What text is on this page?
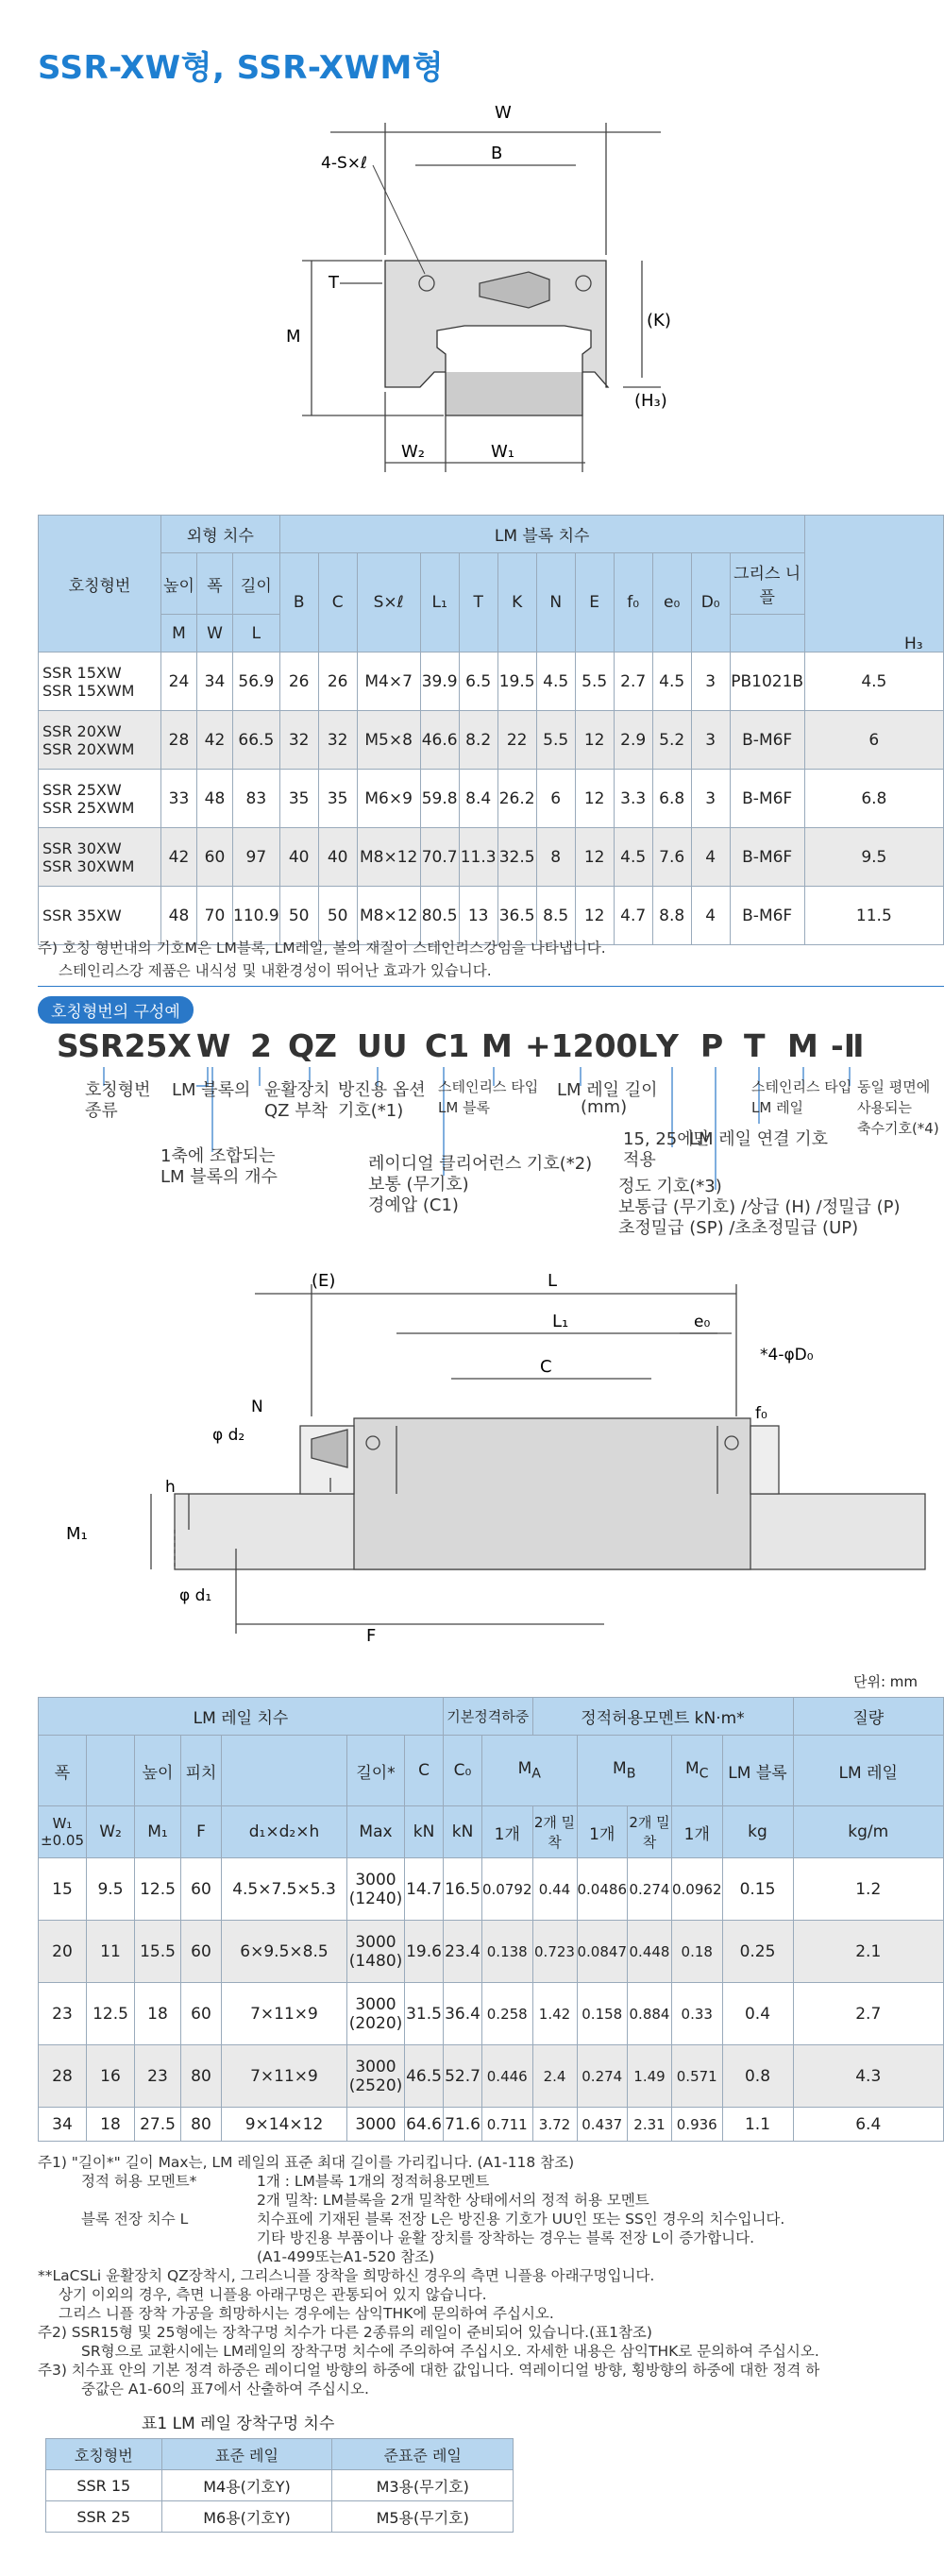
SSR-XW형, SSR-XWM형
W
B
4-S×ℓ
T
M
(K)
(H₃)
W₂	W₁
호칭형번	외형 치수			LM 블록 치수												
	높이	폭	길이	B	C	S×ℓ	L₁	T	K	N	E	f₀	e₀	D₀	그리스 니플	
	M	W	L													
SSR 15XW
SSR 15XWM	24	34	56.9	26	26	M4×7	39.9	6.5	19.5	4.5	5.5	2.7	4.5	3	PB1021B	4.5
SSR 20XW
SSR 20XWM	28	42	66.5	32	32	M5×8	46.6	8.2	22	5.5	12	2.9	5.2	3	B-M6F	6
SSR 25XW
SSR 25XWM	33	48	83	35	35	M6×9	59.8	8.4	26.2	6	12	3.3	6.8	3	B-M6F	6.8
SSR 30XW
SSR 30XWM	42	60	97	40	40	M8×12	70.7	11.3	32.5	8	12	4.5	7.6	4	B-M6F	9.5
SSR 35XW	48	70	110.9	50	50	M8×12	80.5	13	36.5	8.5	12	4.7	8.8	4	B-M6F	11.5
H₃
주) 호칭 형번내의 기호M은 LM블록, LM레일, 볼의 재질이 스테인리스강임을 나타냅니다.
스테인리스강 제품은 내식성 및 내환경성이 뛰어난 효과가 있습니다.
호칭형번의 구성예
SSR25X W 2 QZ UU C1 M +1200L
Y P T M -Ⅱ
호칭형번
종류
LM 블록의
1축에 조합되는
LM 블록의 개수
윤활장치
QZ 부착
방진용 옵션
기호(*1)
스테인리스 타입
LM 블록
LM 레일 길이
(mm)
레이디얼 클리어런스 기호(*2)
보통 (무기호)
경예압 (C1)
15, 25에만
적용
LM 레일 연결 기호
스테인리스 타입
LM 레일
동일 평면에
사용되는
축수기호(*4)
정도 기호(*3)
보통급 (무기호) /상급 (H) /정밀급 (P)
초정밀급 (SP) /초초정밀급 (UP)
(E)	L
L₁	e₀
C
*4-φD₀
N
φ d₂
f₀
h
M₁
φ d₁
F
단위: mm
LM 레일 치수							기본정격하중		정적허용모멘트 kN·m*					질량
폭		높이	피치		길이*	C	C₀	$M_A$		$M_B$		$M_C$	LM 블록	LM 레일
W₁
±0.05	W₂	M₁	F	d₁×d₂×h	Max	kN	kN	1개	2개 밀착	1개	2개 밀착	1개	kg	kg/m
15	9.5	12.5	60	4.5×7.5×5.3	3000
(1240)	14.7	16.5	0.0792	0.44	0.0486	0.274	0.0962	0.15	1.2
20	11	15.5	60	6×9.5×8.5	3000
(1480)	19.6	23.4	0.138	0.723	0.0847	0.448	0.18	0.25	2.1
23	12.5	18	60	7×11×9	3000
(2020)	31.5	36.4	0.258	1.42	0.158	0.884	0.33	0.4	2.7
28	16	23	80	7×11×9	3000
(2520)	46.5	52.7	0.446	2.4	0.274	1.49	0.571	0.8	4.3
34	18	27.5	80	9×14×12	3000	64.6	71.6	0.711	3.72	0.437	2.31	0.936	1.1	6.4
주1) "길이*" 길이 Max는, LM 레일의 표준 최대 길이를 가리킵니다. (A1-118 참조)
정적 허용 모멘트*	1개 : LM블록 1개의 정적허용모멘트
2개 밀착: LM블록을 2개 밀착한 상태에서의 정적 허용 모멘트
블록 전장 치수 L	치수표에 기재된 블록 전장 L은 방진용 기호가 UU인 또는 SS인 경우의 치수입니다.
기타 방진용 부품이나 윤활 장치를 장착하는 경우는 블록 전장 L이 증가합니다.
(A1-499또는A1-520 참조)
**LaCSLi 윤활장치 QZ장착시, 그리스니플 장착을 희망하신 경우의 측면 니플용 아래구멍입니다.
상기 이외의 경우, 측면 니플용 아래구멍은 관통되어 있지 않습니다.
그리스 니플 장착 가공을 희망하시는 경우에는 삼익THK에 문의하여 주십시오.
주2) SSR15형 및 25형에는 장착구멍 치수가 다른 2종류의 레일이 준비되어 있습니다.(표1참조)
SR형으로 교환시에는 LM레일의 장착구멍 치수에 주의하여 주십시오. 자세한 내용은 삼익THK로 문의하여 주십시오.
주3) 치수표 안의 기본 정격 하중은 레이디얼 방향의 하중에 대한 값입니다. 역레이디얼 방향, 횡방향의 하중에 대한 정격 하
중값은 A1-60의 표7에서 산출하여 주십시오.
표1 LM 레일 장착구멍 치수
호칭형번	표준 레일	준표준 레일
SSR 15	M4용(기호Y)	M3용(무기호)
SSR 25	M6용(기호Y)	M5용(무기호)
